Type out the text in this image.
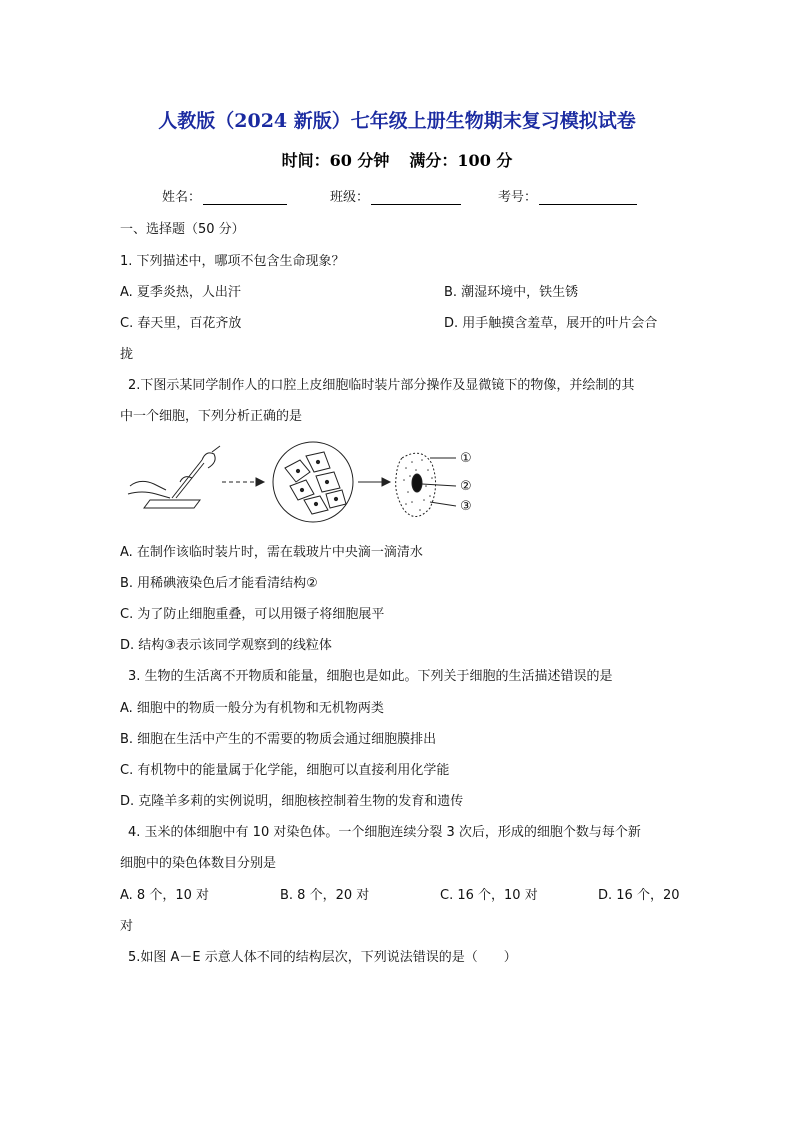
人教版（2024 新版）七年级上册生物期末复习模拟试卷
时间：60 分钟 满分：100 分
姓名：	班级：	考号：
一、选择题（50 分）
1. 下列描述中，哪项不包含生命现象？
A. 夏季炎热，人出汗	B. 潮湿环境中，铁生锈
C. 春天里，百花齐放	D. 用手触摸含羞草，展开的叶片会合
拢
2.下图示某同学制作人的口腔上皮细胞临时装片部分操作及显微镜下的物像，并绘制的其
中一个细胞，下列分析正确的是
①
②
③
A. 在制作该临时装片时，需在载玻片中央滴一滴清水
B. 用稀碘液染色后才能看清结构②
C. 为了防止细胞重叠，可以用镊子将细胞展平
D. 结构③表示该同学观察到的线粒体
3. 生物的生活离不开物质和能量，细胞也是如此。下列关于细胞的生活描述错误的是
A. 细胞中的物质一般分为有机物和无机物两类
B. 细胞在生活中产生的不需要的物质会通过细胞膜排出
C. 有机物中的能量属于化学能，细胞可以直接利用化学能
D. 克隆羊多莉的实例说明，细胞核控制着生物的发育和遗传
4. 玉米的体细胞中有 10 对染色体。一个细胞连续分裂 3 次后，形成的细胞个数与每个新
细胞中的染色体数目分别是
A. 8 个，10 对	B. 8 个，20 对	C. 16 个，10 对	D. 16 个，20
对
5.如图 A－E 示意人体不同的结构层次，下列说法错误的是（　　）
